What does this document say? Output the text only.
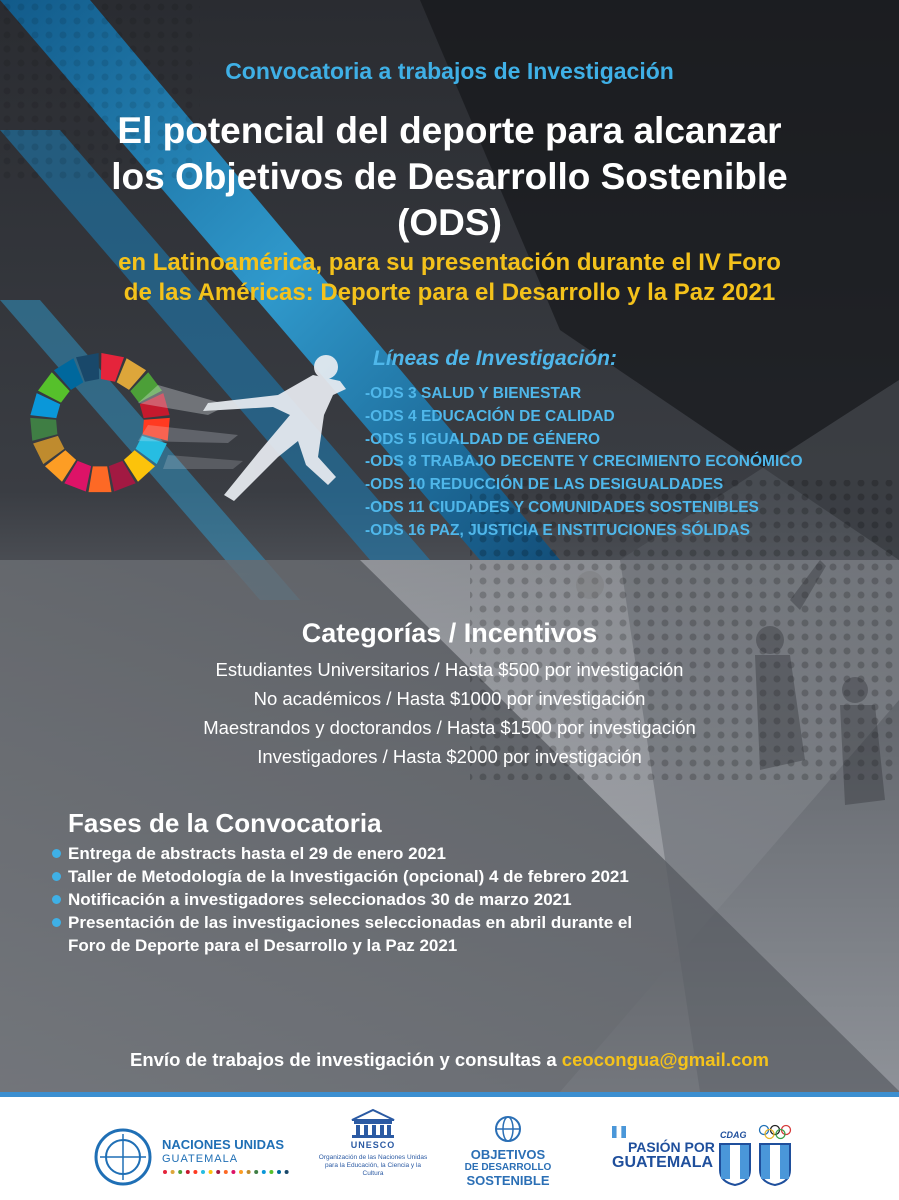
Convocatoria a trabajos de Investigación
El potencial del deporte para alcanzar
los Objetivos de Desarrollo Sostenible
(ODS)
en Latinoamérica, para su presentación durante el IV Foro
de las Américas: Deporte para el Desarrollo y la Paz 2021
Líneas de Investigación:
-ODS 3 SALUD Y BIENESTAR
-ODS 4 EDUCACIÓN DE CALIDAD
-ODS 5 IGUALDAD DE GÉNERO
-ODS 8 TRABAJO DECENTE Y CRECIMIENTO ECONÓMICO
-ODS 10 REDUCCIÓN DE LAS DESIGUALDADES
-ODS 11 CIUDADES Y COMUNIDADES SOSTENIBLES
-ODS 16 PAZ, JUSTICIA E INSTITUCIONES SÓLIDAS
Categorías / Incentivos
Estudiantes Universitarios / Hasta $500 por investigación
No académicos / Hasta $1000 por investigación
Maestrandos y doctorandos / Hasta $1500 por investigación
Investigadores / Hasta $2000 por investigación
Fases de la Convocatoria
Entrega de abstracts hasta el 29 de enero 2021
Taller de Metodología de la Investigación (opcional) 4 de febrero 2021
Notificación a investigadores seleccionados 30 de marzo 2021
Presentación de las investigaciones seleccionadas en abril durante el Foro de Deporte para el Desarrollo y la Paz 2021
Envío de trabajos de investigación y consultas a ceocongua@gmail.com
NACIONES UNIDAS
GUATEMALA
UNESCO
Organización de las Naciones Unidas para la Educación, la Ciencia y la Cultura
OBJETIVOS
DE DESARROLLO
SOSTENIBLE
PASIÓN POR
GUATEMALA
CDAG
